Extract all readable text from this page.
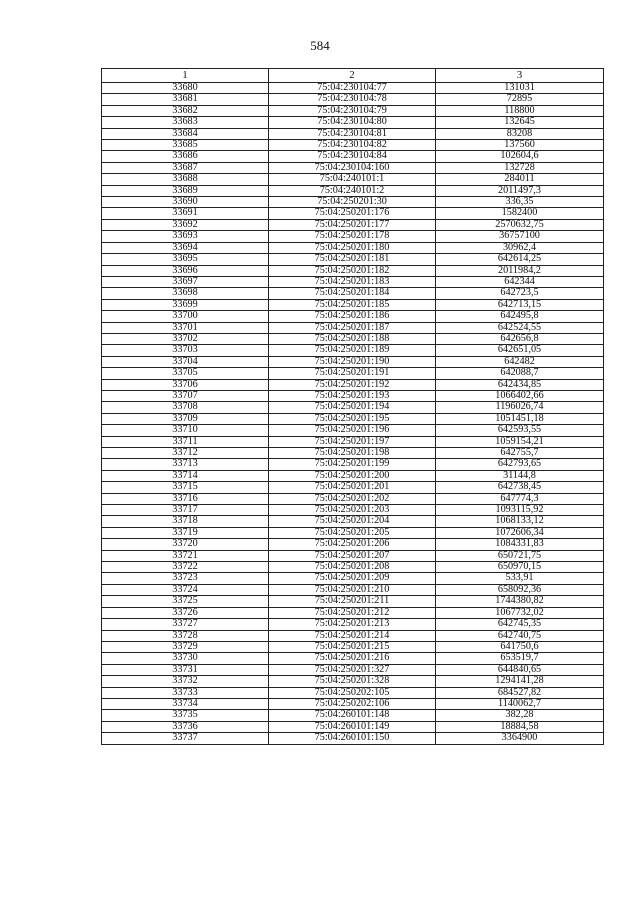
584
1	2	3
33680	75:04:230104:77	131031
33681	75:04:230104:78	72895
33682	75:04:230104:79	118800
33683	75:04:230104:80	132645
33684	75:04:230104:81	83208
33685	75:04:230104:82	137560
33686	75:04:230104:84	102604,6
33687	75:04:230104:160	132728
33688	75:04:240101:1	284011
33689	75:04:240101:2	2011497,3
33690	75:04:250201:30	336,35
33691	75:04:250201:176	1582400
33692	75:04:250201:177	2570632,75
33693	75:04:250201:178	36757100
33694	75:04:250201:180	30962,4
33695	75:04:250201:181	642614,25
33696	75:04:250201:182	2011984,2
33697	75:04:250201:183	642344
33698	75:04:250201:184	642723,5
33699	75:04:250201:185	642713,15
33700	75:04:250201:186	642495,8
33701	75:04:250201:187	642524,55
33702	75:04:250201:188	642656,8
33703	75:04:250201:189	642651,05
33704	75:04:250201:190	642482
33705	75:04:250201:191	642088,7
33706	75:04:250201:192	642434,85
33707	75:04:250201:193	1066402,66
33708	75:04:250201:194	1196026,74
33709	75:04:250201:195	1051451,18
33710	75:04:250201:196	642593,55
33711	75:04:250201:197	1059154,21
33712	75:04:250201:198	642755,7
33713	75:04:250201:199	642793,65
33714	75:04:250201:200	31144,8
33715	75:04:250201:201	642738,45
33716	75:04:250201:202	647774,3
33717	75:04:250201:203	1093115,92
33718	75:04:250201:204	1068133,12
33719	75:04:250201:205	1072606,34
33720	75:04:250201:206	1084331,83
33721	75:04:250201:207	650721,75
33722	75:04:250201:208	650970,15
33723	75:04:250201:209	533,91
33724	75:04:250201:210	658092,36
33725	75:04:250201:211	1744380,82
33726	75:04:250201:212	1067732,02
33727	75:04:250201:213	642745,35
33728	75:04:250201:214	642740,75
33729	75:04:250201:215	641750,6
33730	75:04:250201:216	653519,7
33731	75:04:250201:327	644840,65
33732	75:04:250201:328	1294141,28
33733	75:04:250202:105	684527,82
33734	75:04:250202:106	1140062,7
33735	75:04:260101:148	382,28
33736	75:04:260101:149	18884,58
33737	75:04:260101:150	3364900
